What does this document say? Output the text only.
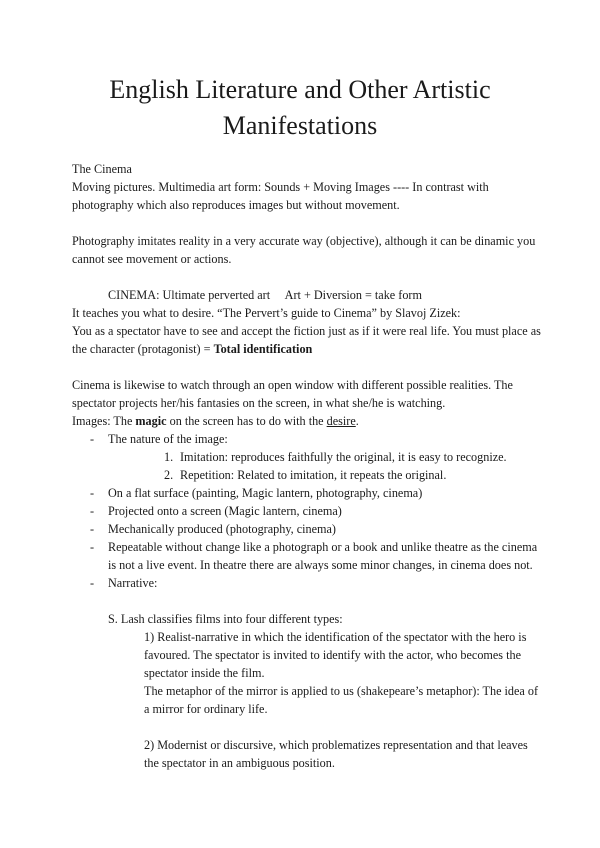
English Literature and Other Artistic
Manifestations

The Cinema

Moving pictures. Multimedia art form: Sounds + Moving Images ---- In contrast with photography which also reproduces images but without movement.

Photography imitates reality in a very accurate way (objective), although it can be dinamic you cannot see movement or actions.

CINEMA: Ultimate perverted art     Art + Diversion = take form

It teaches you what to desire. “The Pervert’s guide to Cinema” by Slavoj Zizek:

You as a spectator have to see and accept the fiction just as if it were real life. You must place as the character (protagonist) = Total identification

Cinema is likewise to watch through an open window with different possible realities. The spectator projects her/his fantasies on the screen, in what she/he is watching.

Images: The magic on the screen has to do with the desire.

- The nature of the image:
1. Imitation: reproduces faithfully the original, it is easy to recognize.
2. Repetition: Related to imitation, it repeats the original.
- On a flat surface (painting, Magic lantern, photography, cinema)
- Projected onto a screen (Magic lantern, cinema)
- Mechanically produced (photography, cinema)
- Repeatable without change like a photograph or a book and unlike theatre as the cinema is not a live event. In theatre there are always some minor changes, in cinema does not.
- Narrative:

S. Lash classifies films into four different types:

1) Realist-narrative in which the identification of the spectator with the hero is favoured. The spectator is invited to identify with the actor, who becomes the spectator inside the film.

The metaphor of the mirror is applied to us (shakepeare’s metaphor): The idea of a mirror for ordinary life.

2) Modernist or discursive, which problematizes representation and that leaves the spectator in an ambiguous position.
